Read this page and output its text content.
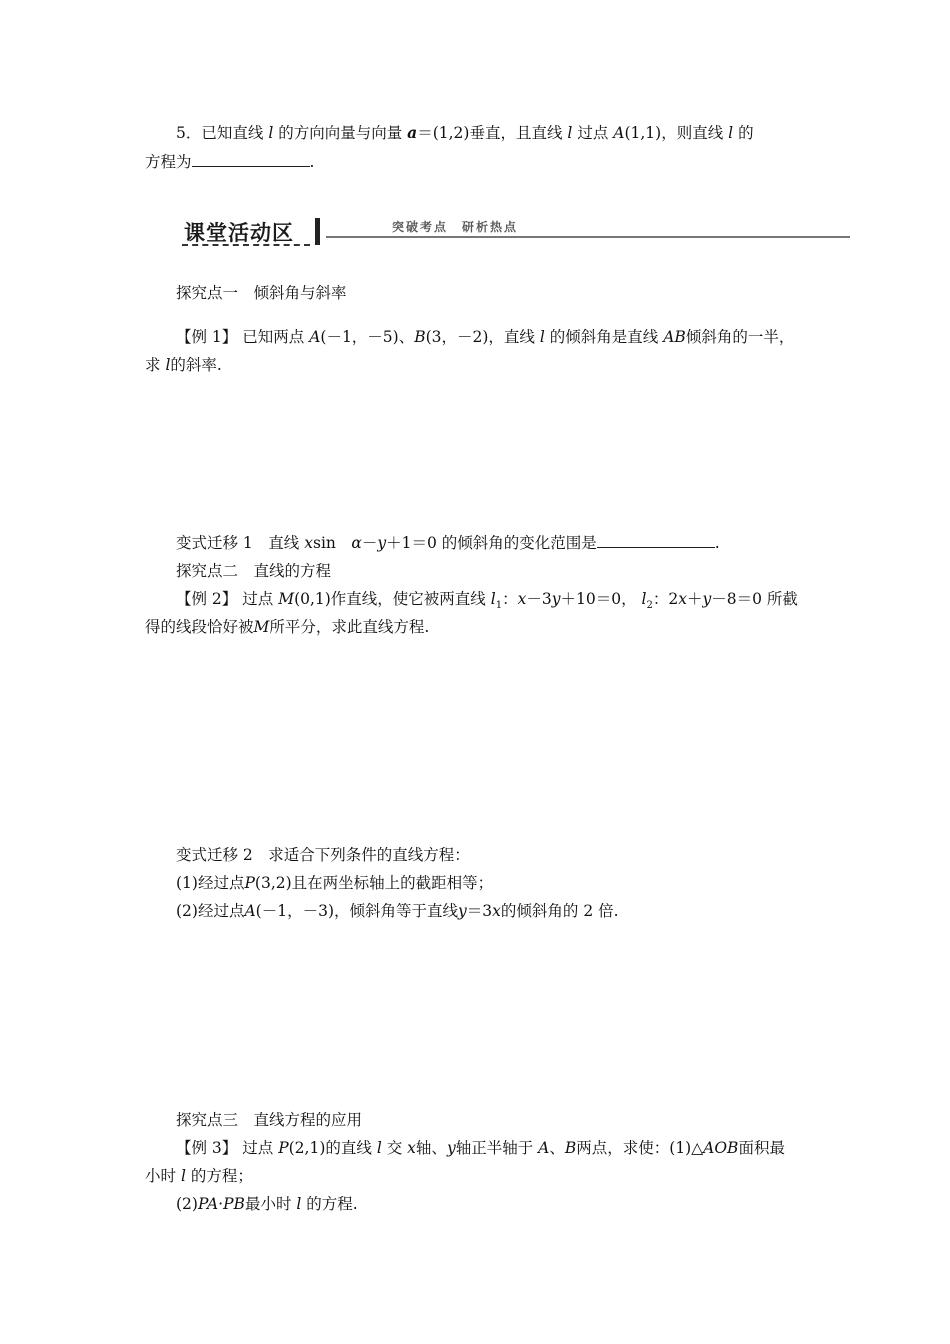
5．已知直线 l 的方向向量与向量 a＝(1,2)垂直，且直线 l 过点 A(1,1)，则直线 l 的
方程为	.
课堂活动区	突破考点　研析热点
探究点一　倾斜角与斜率
【例 1】 已知两点 A(－1，－5)、B(3，－2)，直线 l 的倾斜角是直线 AB倾斜角的一半，
求 l的斜率.
变式迁移 1　直线 xsin　α－y＋1＝0 的倾斜角的变化范围是	.
探究点二　直线的方程
【例 2】 过点 M(0,1)作直线，使它被两直线 $l_1$：x－3y＋10＝0， $l_2$：2x＋y－8＝0 所截
得的线段恰好被M所平分，求此直线方程.
变式迁移 2　求适合下列条件的直线方程：
(1)经过点P(3,2)且在两坐标轴上的截距相等；
(2)经过点A(－1，－3)，倾斜角等于直线y＝3x的倾斜角的 2 倍.
探究点三　直线方程的应用
【例 3】 过点 P(2,1)的直线 l 交 x轴、y轴正半轴于 A、B两点，求使：(1)△AOB面积最
小时 l 的方程；
(2)PA·PB最小时 l 的方程.
